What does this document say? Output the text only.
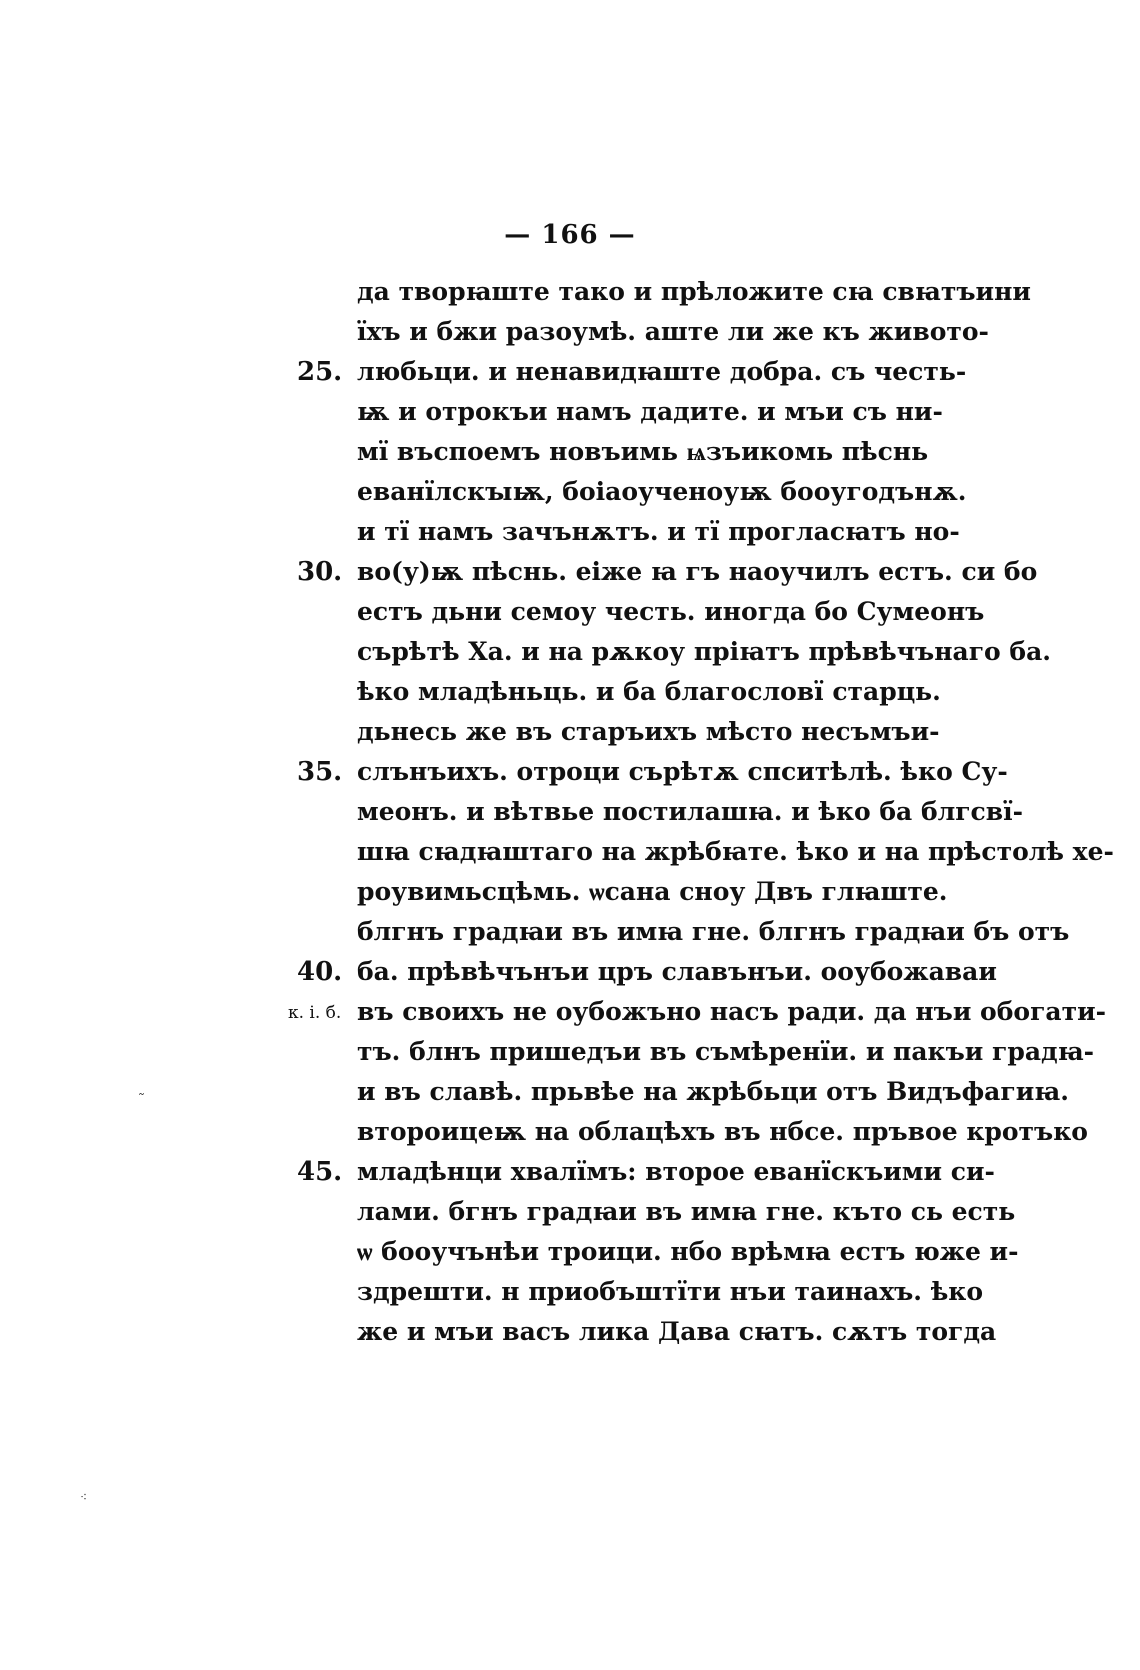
— 166 —
да творꙗште тако и прѣложите сꙗ свꙗтъини
їхъ и бжи разоумѣ. аште ли же къ живото-
25. любьци. и ненавидꙗште добра. съ честь-
ѭ и отрокъи намъ дадите. и мъи съ ни-
мї въспоемъ новъимь ѩзъикомь пѣснь
еванїлскꙑѭ, боiаоученоуѭ боoугодънѫ.
и тї намъ зачънѫтъ. и тї проглаcꙗтъ но-
30. во(у)ѭ пѣснь. еiже ꙗ гъ наоучилъ естъ. си бо
естъ дьни семоу честь. иногда бо Сумеонъ
сърѣтѣ Ха. и на рѫкоу прiꙗтъ прѣвѣчънаго ба.
ѣко младѣньць. и ба благословї старць.
дьнесь же въ старъихъ мѣсто несъмъи-
35. слънъихъ. отроци сърѣтѫ спситѣлѣ. ѣко Су-
меонъ. и вѣтвье постилашꙗ. и ѣко ба блгсвї-
шꙗ cꙗдꙗштаго на жрѣбꙗте. ѣко и на прѣстолѣ хе-
роувимьсцѣмь. ѡсана сноу Двъ глꙗште.
блгнъ градꙗи въ имꙗ гне. блгнъ градꙗи бъ отъ
40. ба. прѣвѣчънъи цръ славънъи. ооубожаваи
к. і. б. въ своихъ не оубожъно насъ ради. да нъи обогати-
тъ. блнъ пришедъи въ съмѣренїи. и пакъи градꙗ-
и въ славѣ. прьвѣе на жрѣбьци отъ Видъфагиꙗ.
второицеѭ на облацѣхъ въ нбсе. пръвое кротъко
45. младѣнци хвалїмъ: второе еванїскъими си-
лами. бгнъ градꙗи въ имꙗ гне. къто сь есть
ѡ бооучънѣи троици. нбо врѣмꙗ естъ юже и-
здрешти. н приобъштїти нъи таинахъ. ѣко
же и мъи васъ лика Дава сꙗтъ. сѫтъ тогда
˜
⁖
